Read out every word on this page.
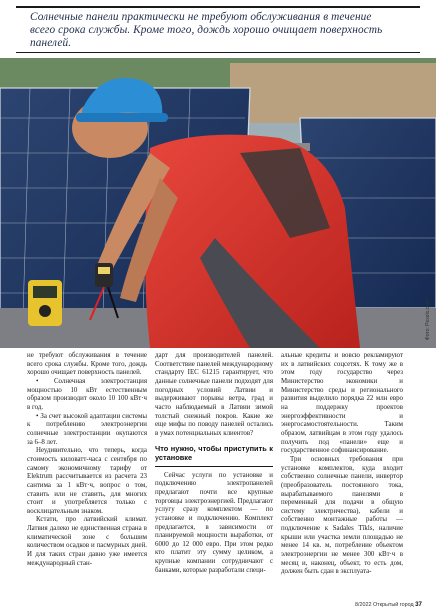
Солнечные панели практически не требуют обслуживания в течение всего срока службы. Кроме того, дождь хорошо очищает поверхность панелей.
Фото: Pexels.com

не требуют обслуживания в течение всего срока службы. Кроме того, дождь хорошо очищает поверхность панелей.

• Солнечная электростанция мощностью 10 кВт естественным образом производит около 10 100 кВт·ч в год.

• За счет высокой адаптации системы к потреблению электроэнергии солнечные электростанции окупаются за 6–8 лет.

Неудивительно, что теперь, когда стоимость киловатт-часа с сентября по самому экономичному тарифу от Elektrum рассчитывается из расчета 23 сантима за 1 кВт·ч, вопрос о том, ставить или не ставить, для многих стоит и употребляется только с восклицательным знаком.

Кстати, про латвийский климат. Латвия далеко не единственная страна в климатической зоне с большим количеством осадков и пасмурных дней. И для таких стран давно уже имеется международный стан-

дарт для производителей панелей. Соответствие панелей международному стандарту IEC 61215 гарантирует, что данные солнечные панели подходят для погодных условий Латвии и выдерживают порывы ветра, град и часто наблюдаемый в Латвии зимой толстый снежный покров. Какие же еще мифы по поводу панелей остались в умах потенциальных клиентов?

Что нужно, чтобы приступить к установке

Сейчас услуги по установке и подключению электропанелей предлагают почти все крупные торговцы электроэнергией. Предлагают услугу сразу комплектом — по установке и подключению. Комплект предлагается, в зависимости от планируемой мощности выработки, от 6000 до 12 000 евро. При этом редко кто платит эту сумму целиком, а крупные компании сотрудничают с банками, которые разработали специ-

альные кредиты и вовсю рекламируют их в латвийских соцсетях. К тому же в этом году государство через Министерство экономики и Министерство среды и регионального развития выделило порядка 22 млн евро на поддержку проектов энергоэффективности и энергосамостоятельности. Таким образом, латвийцам в этом году удалось получить под «панели» еще и государственное софинансирование.

Три основных требования при установке комплектов, куда входит собственно солнечные панели, инвертор (преобразователь постоянного тока, вырабатываемого панелями в переменный для подачи в общую систему электричества), кабели и собственно монтажные работы — подключение к Sadales Tīkls, наличие крыши или участка земли площадью не менее 14 кв. м, потребление объектом электроэнергии не менее 300 кВт·ч в месяц и, наконец, объект, то есть дом, должен быть сдан в эксплуата-

8/2022 Открытый город 37
